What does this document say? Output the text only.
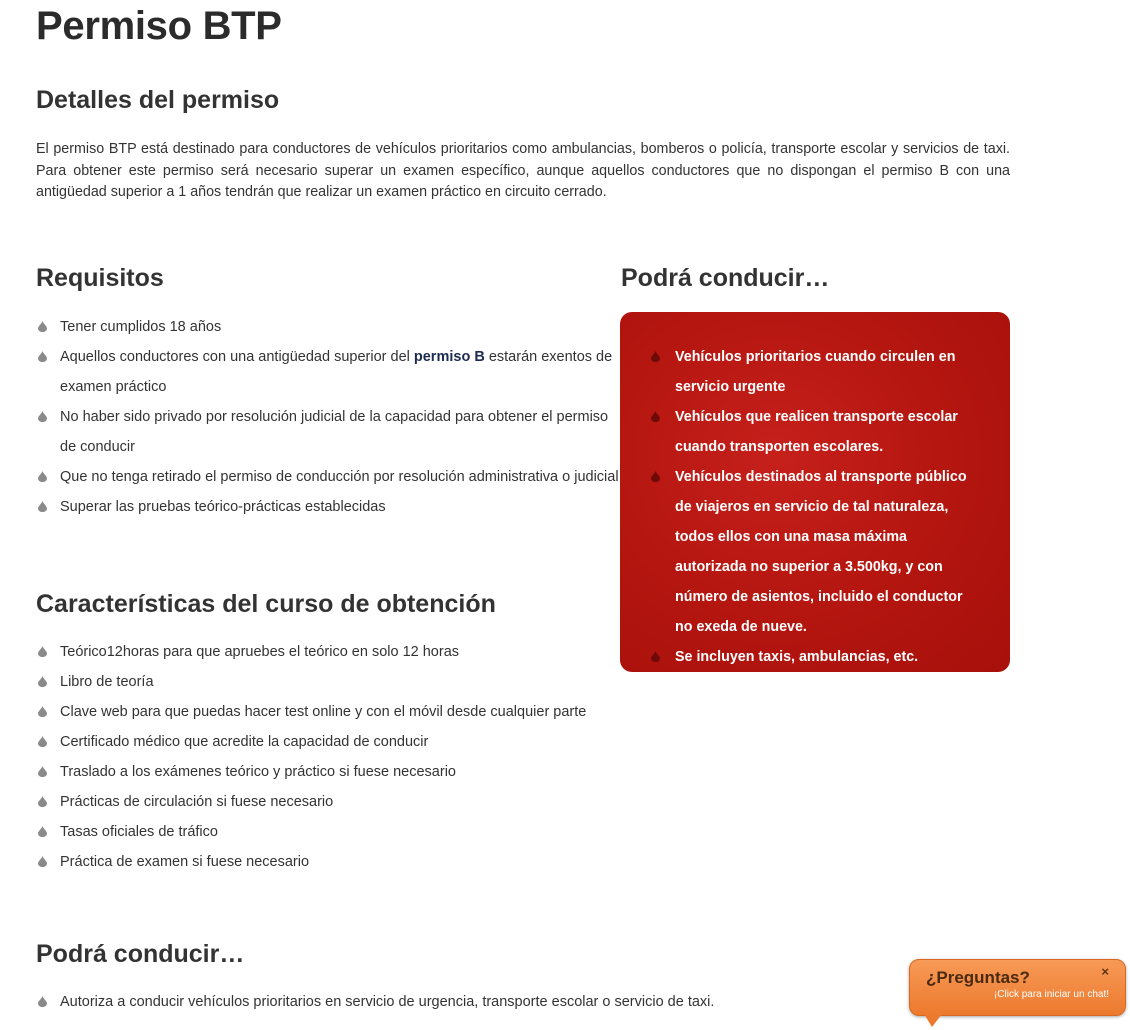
Permiso BTP
Detalles del permiso

El permiso BTP está destinado para conductores de vehículos prioritarios como ambulancias, bomberos o policía, transporte escolar y servicios de taxi. Para obtener este permiso será necesario superar un examen específico, aunque aquellos conductores que no dispongan el permiso B con una antigüedad superior a 1 años tendrán que realizar un examen práctico en circuito cerrado.

Requisitos
Tener cumplidos 18 años
Aquellos conductores con una antigüedad superior del permiso B estarán exentos de examen práctico
No haber sido privado por resolución judicial de la capacidad para obtener el permiso de conducir
Que no tenga retirado el permiso de conducción por resolución administrativa o judicial
Superar las pruebas teórico-prácticas establecidas
Características del curso de obtención
Teórico12horas para que apruebes el teórico en solo 12 horas
Libro de teoría
Clave web para que puedas hacer test online y con el móvil desde cualquier parte
Certificado médico que acredite la capacidad de conducir
Traslado a los exámenes teórico y práctico si fuese necesario
Prácticas de circulación si fuese necesario
Tasas oficiales de tráfico
Práctica de examen si fuese necesario
Podrá conducir…
Vehículos prioritarios cuando circulen en servicio urgente
Vehículos que realicen transporte escolar cuando transporten escolares.
Vehículos destinados al transporte público de viajeros en servicio de tal naturaleza, todos ellos con una masa máxima autorizada no superior a 3.500kg, y con número de asientos, incluido el conductor no exeda de nueve.
Se incluyen taxis, ambulancias, etc.
Podrá conducir…
Autoriza a conducir vehículos prioritarios en servicio de urgencia, transporte escolar o servicio de taxi.
¿Preguntas?
¡Click para iniciar un chat!
×
